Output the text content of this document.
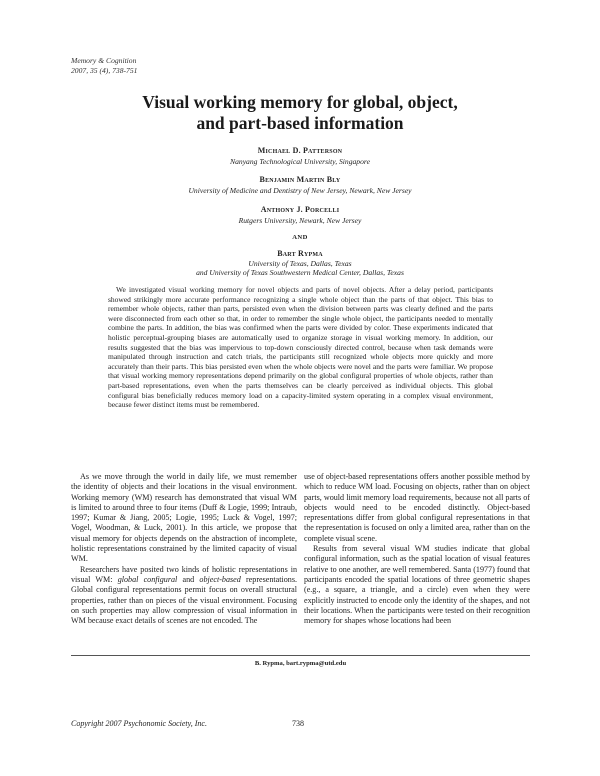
Memory & Cognition
2007, 35 (4), 738-751
Visual working memory for global, object,
and part-based information
Michael D. Patterson
Nanyang Technological University, Singapore
Benjamin Martin Bly
University of Medicine and Dentistry of New Jersey, Newark, New Jersey
Anthony J. Porcelli
Rutgers University, Newark, New Jersey
AND
Bart Rypma
University of Texas, Dallas, Texas
and University of Texas Southwestern Medical Center, Dallas, Texas
We investigated visual working memory for novel objects and parts of novel objects. After a delay period, participants showed strikingly more accurate performance recognizing a single whole object than the parts of that object. This bias to remember whole objects, rather than parts, persisted even when the division between parts was clearly defined and the parts were disconnected from each other so that, in order to remember the single whole object, the participants needed to mentally combine the parts. In addition, the bias was confirmed when the parts were divided by color. These experiments indicated that holistic perceptual-grouping biases are automatically used to organize storage in visual working memory. In addition, our results suggested that the bias was impervious to top-down consciously directed control, because when task demands were manipulated through instruction and catch trials, the participants still recognized whole objects more quickly and more accurately than their parts. This bias persisted even when the whole objects were novel and the parts were familiar. We propose that visual working memory representations depend primarily on the global configural properties of whole objects, rather than part-based representations, even when the parts themselves can be clearly perceived as individual objects. This global configural bias beneficially reduces memory load on a capacity-limited system operating in a complex visual environment, because fewer distinct items must be remembered.

As we move through the world in daily life, we must remember the identity of objects and their locations in the visual environment. Working memory (WM) research has demonstrated that visual WM is limited to around three to four items (Duff & Logie, 1999; Intraub, 1997; Kumar & Jiang, 2005; Logie, 1995; Luck & Vogel, 1997; Vogel, Woodman, & Luck, 2001). In this article, we propose that visual memory for objects depends on the abstraction of incomplete, holistic representations constrained by the limited capacity of visual WM.

Researchers have posited two kinds of holistic representations in visual WM: global configural and object-based representations. Global configural representations permit focus on overall structural properties, rather than on pieces of the visual environment. Focusing on such properties may allow compression of visual information in WM because exact details of scenes are not encoded. The

use of object-based representations offers another possible method by which to reduce WM load. Focusing on objects, rather than on object parts, would limit memory load requirements, because not all parts of objects would need to be encoded distinctly. Object-based representations differ from global configural representations in that the representation is focused on only a limited area, rather than on the complete visual scene.

Results from several visual WM studies indicate that global configural information, such as the spatial location of visual features relative to one another, are well remembered. Santa (1977) found that participants encoded the spatial locations of three geometric shapes (e.g., a square, a triangle, and a circle) even when they were explicitly instructed to encode only the identity of the shapes, and not their locations. When the participants were tested on their recognition memory for shapes whose locations had been

B. Rypma, bart.rypma@utd.edu
Copyright 2007 Psychonomic Society, Inc.	738
